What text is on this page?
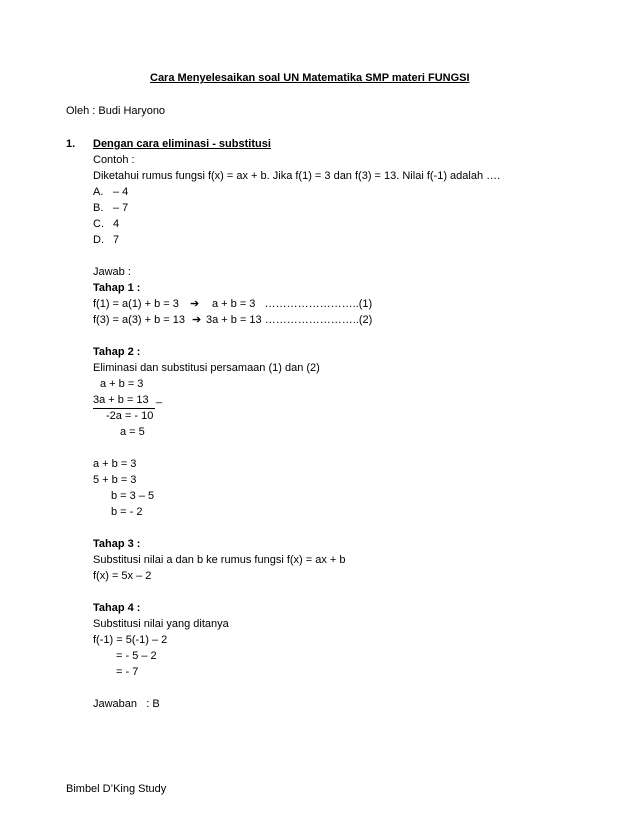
Cara Menyelesaikan soal UN Matematika SMP materi FUNGSI
Oleh : Budi Haryono
1. Dengan cara eliminasi - substitusi
Contoh :
Diketahui rumus fungsi f(x) = ax + b. Jika f(1) = 3 dan f(3) = 13. Nilai f(-1) adalah ….
A. – 4
B. – 7
C. 4
D. 7
Jawab :
Tahap 1 :
f(1) = a(1) + b = 3 ➔ a + b = 3   ……………………..(1)
f(3) = a(3) + b = 13 ➔ 3a + b = 13 ……………………..(2)
Tahap 2 :
Eliminasi dan substitusi persamaan (1) dan (2)
a + b = 3
3a + b = 13 _
-2a = - 10
a = 5
a + b = 3
5 + b = 3
b = 3 – 5
b = - 2
Tahap 3 :
Substitusi nilai a dan b ke rumus fungsi f(x) = ax + b
f(x) = 5x – 2
Tahap 4 :
Substitusi nilai yang ditanya
f(-1) = 5(-1) – 2
= - 5 – 2
= - 7
Jawaban   : B
Bimbel D’King Study
